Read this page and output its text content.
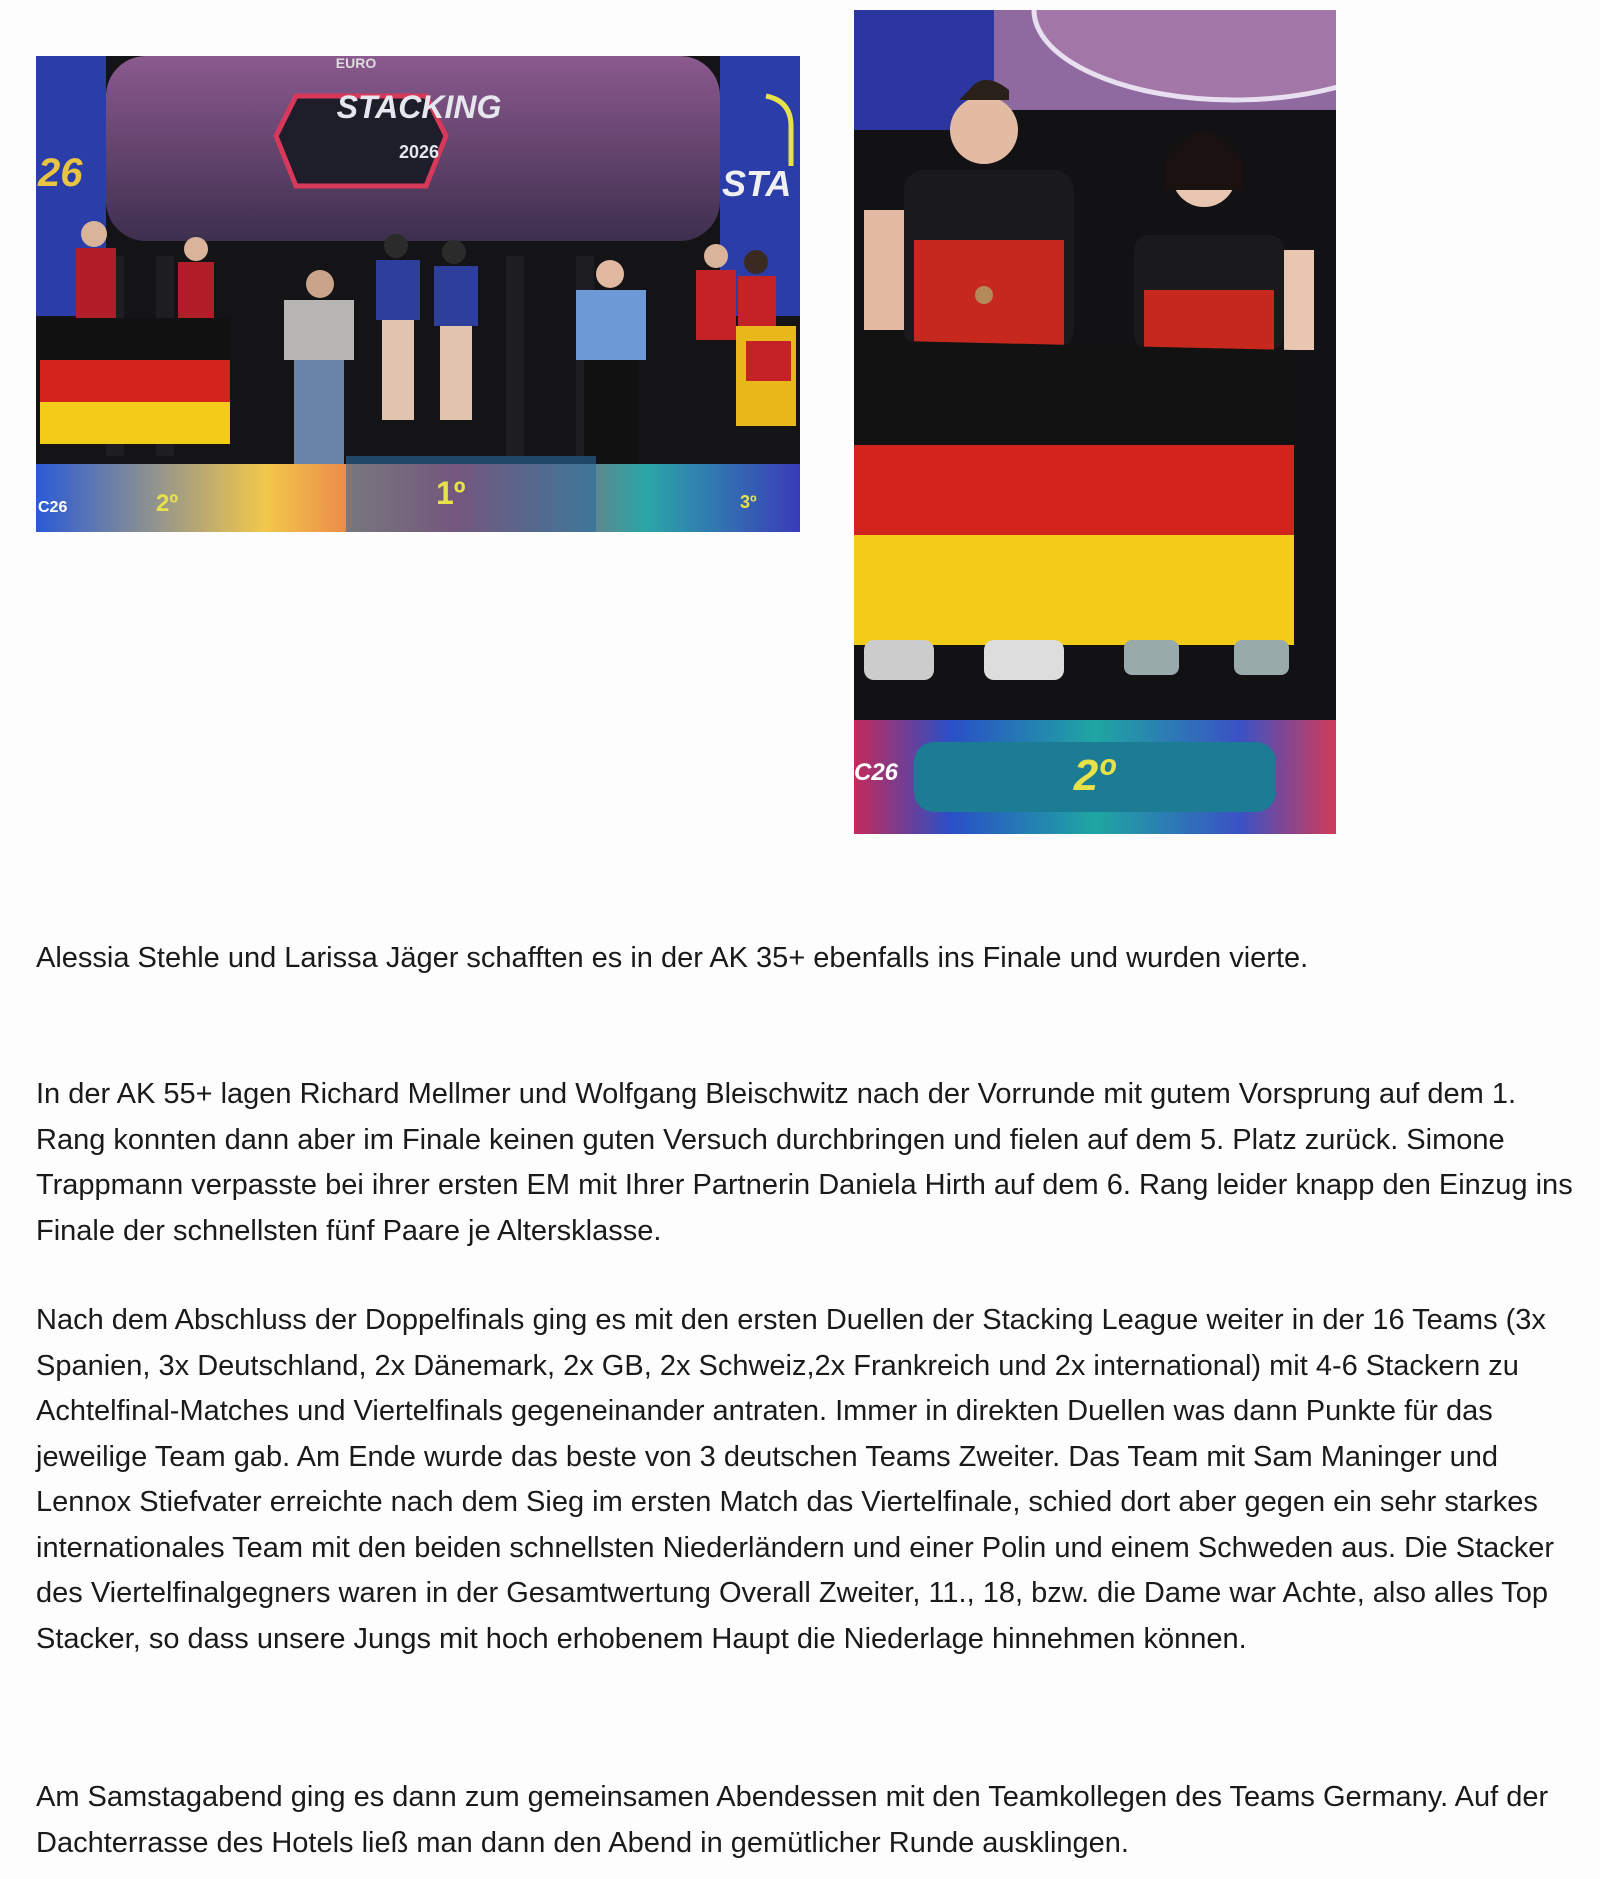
26	STA
EURO
STACKING
2026
2º	1º	3º
C26
C26	2º

Alessia Stehle und Larissa Jäger schafften es in der AK 35+ ebenfalls ins Finale und wurden vierte.

In der AK 55+ lagen Richard Mellmer und Wolfgang Bleischwitz nach der Vorrunde mit gutem Vorsprung auf dem 1. Rang konnten dann aber im Finale keinen guten Versuch durchbringen und fielen auf dem 5. Platz zurück. Simone Trappmann verpasste bei ihrer ersten EM mit Ihrer Partnerin Daniela Hirth auf dem 6. Rang leider knapp den Einzug ins Finale der schnellsten fünf Paare je Altersklasse.

Nach dem Abschluss der Doppelfinals ging es mit den ersten Duellen der Stacking League weiter in der 16 Teams (3x Spanien, 3x Deutschland, 2x Dänemark, 2x GB, 2x Schweiz,2x Frankreich und 2x international) mit 4-6 Stackern zu Achtelfinal-Matches und Viertelfinals gegeneinander antraten. Immer in direkten Duellen was dann Punkte für das jeweilige Team gab. Am Ende wurde das beste von 3 deutschen Teams Zweiter. Das Team mit Sam Maninger und Lennox Stiefvater erreichte nach dem Sieg im ersten Match das Viertelfinale, schied dort aber gegen ein sehr starkes internationales Team mit den beiden schnellsten Niederländern und einer Polin und einem Schweden aus. Die Stacker des Viertelfinalgegners waren in der Gesamtwertung Overall Zweiter, 11., 18, bzw. die Dame war Achte, also alles Top Stacker, so dass unsere Jungs mit hoch erhobenem Haupt die Niederlage hinnehmen können.

Am Samstagabend ging es dann zum gemeinsamen Abendessen mit den Teamkollegen des Teams Germany. Auf der Dachterrasse des Hotels ließ man dann den Abend in gemütlicher Runde ausklingen.
